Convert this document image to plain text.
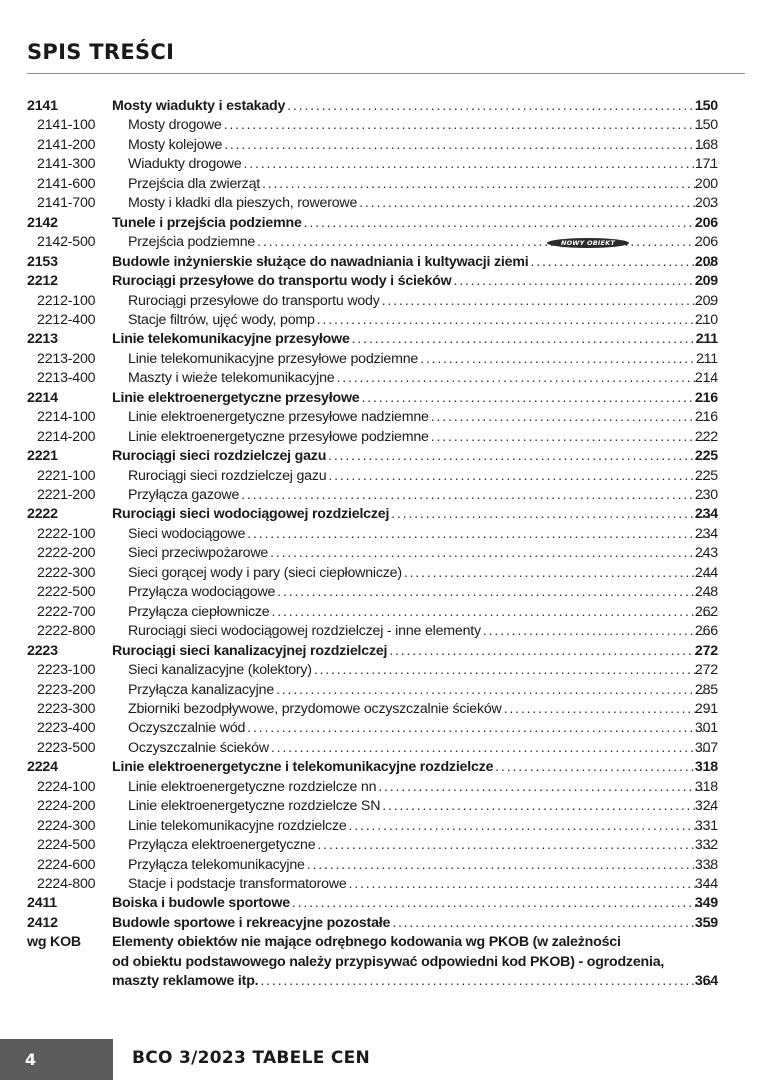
SPIS TREŚCI
2141	Mosty wiadukty i estakady .....	150
2141-100 Mosty drogowe .....	150
2141-200 Mosty kolejowe .....	168
2141-300 Wiadukty drogowe .....	171
2141-600 Przejścia dla zwierząt .....	200
2141-700 Mosty i kładki dla pieszych, rowerowe .....	203
2142	Tunele i przejścia podziemne .....	206
2142-500 Przejścia podziemne .....	206
2153	Budowle inżynierskie służące do nawadniania i kultywacji ziemi .....	208
2212	Rurociągi przesyłowe do transportu wody i ścieków .....	209
2212-100 Rurociągi przesyłowe do transportu wody .....	209
2212-400 Stacje filtrów, ujęć wody, pomp .....	210
2213	Linie telekomunikacyjne przesyłowe .....	211
2213-200 Linie telekomunikacyjne przesyłowe podziemne .....	211
2213-400 Maszty i wieże telekomunikacyjne .....	214
2214	Linie elektroenergetyczne przesyłowe .....	216
2214-100 Linie elektroenergetyczne przesyłowe nadziemne .....	216
2214-200 Linie elektroenergetyczne przesyłowe podziemne .....	222
2221	Rurociągi sieci rozdzielczej gazu .....	225
2221-100 Rurociągi sieci rozdzielczej gazu .....	225
2221-200 Przyłącza gazowe .....	230
2222	Rurociągi sieci wodociągowej rozdzielczej .....	234
2222-100 Sieci wodociągowe .....	234
2222-200 Sieci przeciwpożarowe .....	243
2222-300 Sieci gorącej wody i pary (sieci ciepłownicze) .....	244
2222-500 Przyłącza wodociągowe .....	248
2222-700 Przyłącza ciepłownicze .....	262
2222-800 Rurociągi sieci wodociągowej rozdzielczej - inne elementy .....	266
2223	Rurociągi sieci kanalizacyjnej rozdzielczej .....	272
2223-100 Sieci kanalizacyjne (kolektory) .....	272
2223-200 Przyłącza kanalizacyjne .....	285
2223-300 Zbiorniki bezodpływowe, przydomowe oczyszczalnie ścieków .....	291
2223-400 Oczyszczalnie wód .....	301
2223-500 Oczyszczalnie ścieków .....	307
2224	Linie elektroenergetyczne i telekomunikacyjne rozdzielcze .....	318
2224-100 Linie elektroenergetyczne rozdzielcze nn .....	318
2224-200 Linie elektroenergetyczne rozdzielcze SN .....	324
2224-300 Linie telekomunikacyjne rozdzielcze .....	331
2224-500 Przyłącza elektroenergetyczne .....	332
2224-600 Przyłącza telekomunikacyjne .....	338
2224-800 Stacje i podstacje transformatorowe .....	344
2411	Boiska i budowle sportowe .....	349
2412	Budowle sportowe i rekreacyjne pozostałe .....	359
wg KOB Elementy obiektów nie mające odrębnego kodowania wg PKOB (w zależności
od obiektu podstawowego należy przypisywać odpowiedni kod PKOB) - ogrodzenia,
maszty reklamowe itp. .....	364
NOWY OBIEKT
4	BCO 3/2023 TABELE CEN
